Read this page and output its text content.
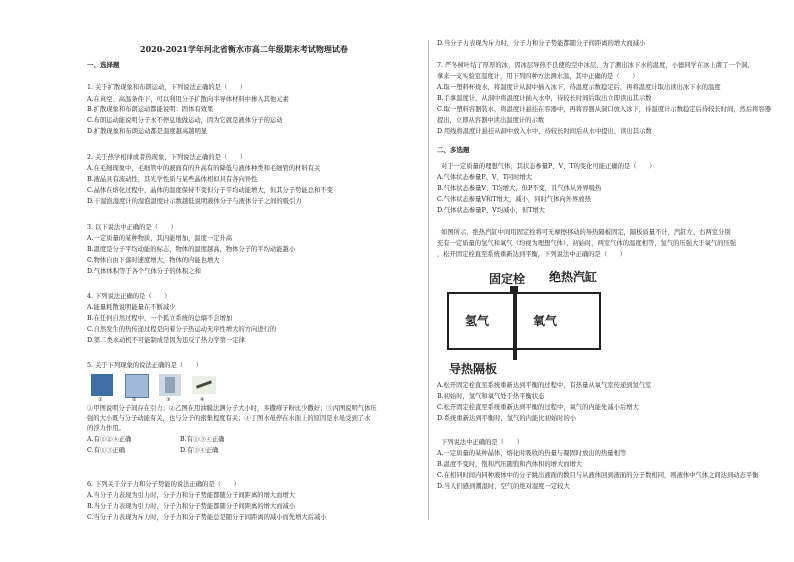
2020-2021学年河北省衡水市高二年级期末考试物理试卷
一、选择题
1. 关于扩散现象和布朗运动，下列说法正确的是（　　）
A.在真空、高温条件下，可以利用分子扩散向半导体材料中掺入其他元素
B.扩散现象和布朗运动都能说明：固体有效果
C.布朗运动能说明分子永不停息地做运动，因为它就是液体分子的运动
D.扩散现象和布朗运动都是温度越高越明显
2. 关于热学相律或者热现象，下列说法正确的是（　　）
A.在毛细现象中，毛细管中的液面有的升高有的降低与液体种类和毛细管的材料有关
B.液晶具有流动性，其光学性质与某些晶体相似具有各向异性
C.晶体在熔化过程中，晶体的温度保持不变但分子平均动能增大，但其分子势能总和不变
D.干湿泡湿度计的湿泡温度计示数越低说明液体分子与液体分子之间的吸引力
3. 以下说法中正确的是（　　）
A.一定质量的某种物质，其内能增加，温度一定升高
B.温度是分子平均动能的标志，物体的温度越高，物体分子的平均动能越小
C.物体自由下落时速度增大，物体的内能也增大
D.气体体积等于各个气体分子的体积之和
4. 下列说法正确的是（　　）
A.能量耗散说明能量在不断减少
B.在任何自然过程中，一个孤立系统的总熵不会增加
C.自然发生的热传递过程是向着分子热运动无序性增大的方向进行的
D.第二类永动机不可能制成是因为违反了热力学第一定律
5. 关于下列现象的说法正确的是（　　）
①	②	③	④
①甲图说明分子间存在引力；②乙图在用油膜法测分子大小时，多撒痱子粉比少撒好；③丙图说明气体压
强的大小既与分子动能有关，也与分子的密集程度有关；④丁图水黾停在水面上的原因是水黾受到了水
的浮力作用。
A.有①②④正确	B.有①③④正确
C.有①③正确	D.有③④正确
6. 下列关于分子力和分子势能的说法正确的是（　　）
A.当分子力表现为引力时，分子力和分子势能都随分子间距离的增大而增大
B.当分子力表现为引力时，分子力和分子势能都随分子间距离的增大而减小
C.当分子力表现为斥力时，分子力和分子势能总是随分子间距离的减小而先增大后减小
D.当分子力表现为斥力时，分子力和分子势能都随分子间距离的增大而减小
7. 严冬树叶结了厚厚的冰，因冰层导热不良使的空中冰层，为了测出冰下水的温度，小德同学在冰上凿了一个洞，
拿来一支实验室温度计，用下列四种方法测水温，其中正确的是（　　）
A.取一塑料杯烧水，将温度计从洞中插入冰下，待温度示数稳定后，再将温度计取出读出冰下水的温度
B.手拿温度计，从洞中将温度计插入水中，待较长时间后取出立即读出其示数
C.取一塑料容器装水，将温度计悬挂在容器中，再将容器从洞口放入冰下，待温度计示数稳定后待较长时间，然后将容器
提出，立即从容器中读出温度计的示数
D.用线将温度计悬挂从洞中放入水中，待较长时间后从水中提出，读出其示数
二、多选题
对于一定质量的理想气体，其状态参量P、V、T的变化可能正确的是（　　）
A.气体状态参量P、V、T同时增大
B.气体状态参量V、T均增大，但P不变，且气体从外界吸热
C.气体状态参量V和T增大，减小，同时气体向外界放热
D.气体状态参量P、V均减小，但T增大
如图所示，绝热汽缸中间用固定栓将可无摩擦移动的导热隔板固定，隔板质量不计，汽缸左、右两室分别
充有一定质量的氢气和氧气（均视为理想气体），初始时，两室气体的温度相等，氢气的压强大于氧气的压强
，松开固定栓直至系统重新达到平衡，下列说法中正确的是（　　）
固定栓 绝热汽缸
氢气	氧气
导热隔板
A.松开固定栓直至系统重新达到平衡的过程中，有热量从氧气室传递到氢气室
B.初始时，氢气和氧气处于热平衡状态
C.松开固定栓直至系统重新达到平衡的过程中，氧气的内能先减小后增大
D.系统重新达到平衡时，氢气的内能比初始时的小
下列说法中正确的是（　　）
A.一定质量的某种晶体，熔化时吸收的热量与凝固时放出的热量相等
B.温度不变时，饱和汽压随饱和汽体积的增大而增大
C.在相同时间内同种液体中的分子跳出液面的数目与从液体回到液面的分子数相同，则液体中气体之间达到动态平衡
D.当人们感到潮湿时，空气的绝对湿度一定较大
